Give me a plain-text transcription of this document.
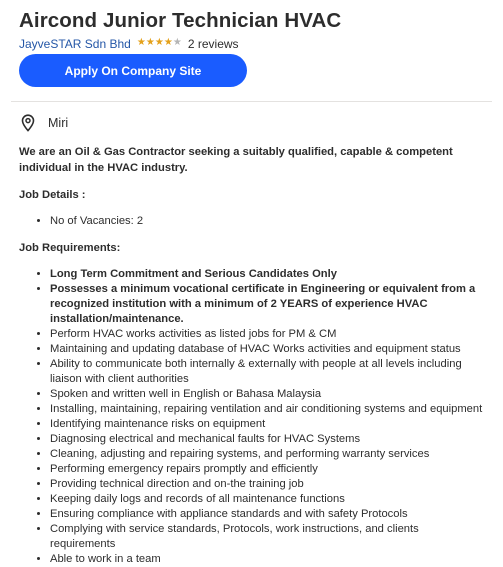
Aircond Junior Technician HVAC
JayveSTAR Sdn Bhd ★ ★ ★ ★ ★ 2 reviews
Apply On Company Site
Miri

We are an Oil & Gas Contractor seeking a suitably qualified, capable & competent individual in the HVAC industry.

Job Details :

• No of Vacancies: 2

Job Requirements:

• Long Term Commitment and Serious Candidates Only
• Possesses a minimum vocational certificate in Engineering or equivalent from a recognized institution with a minimum of 2 YEARS of experience HVAC installation/maintenance.
• Perform HVAC works activities as listed jobs for PM & CM
• Maintaining and updating database of HVAC Works activities and equipment status
• Ability to communicate both internally & externally with people at all levels including liaison with client authorities
• Spoken and written well in English or Bahasa Malaysia
• Installing, maintaining, repairing ventilation and air conditioning systems and equipment
• Identifying maintenance risks on equipment
• Diagnosing electrical and mechanical faults for HVAC Systems
• Cleaning, adjusting and repairing systems, and performing warranty services
• Performing emergency repairs promptly and efficiently
• Providing technical direction and on-the training job
• Keeping daily logs and records of all maintenance functions
• Ensuring compliance with appliance standards and with safety Protocols
• Complying with service standards, Protocols, work instructions, and clients requirements
• Able to work in a team
